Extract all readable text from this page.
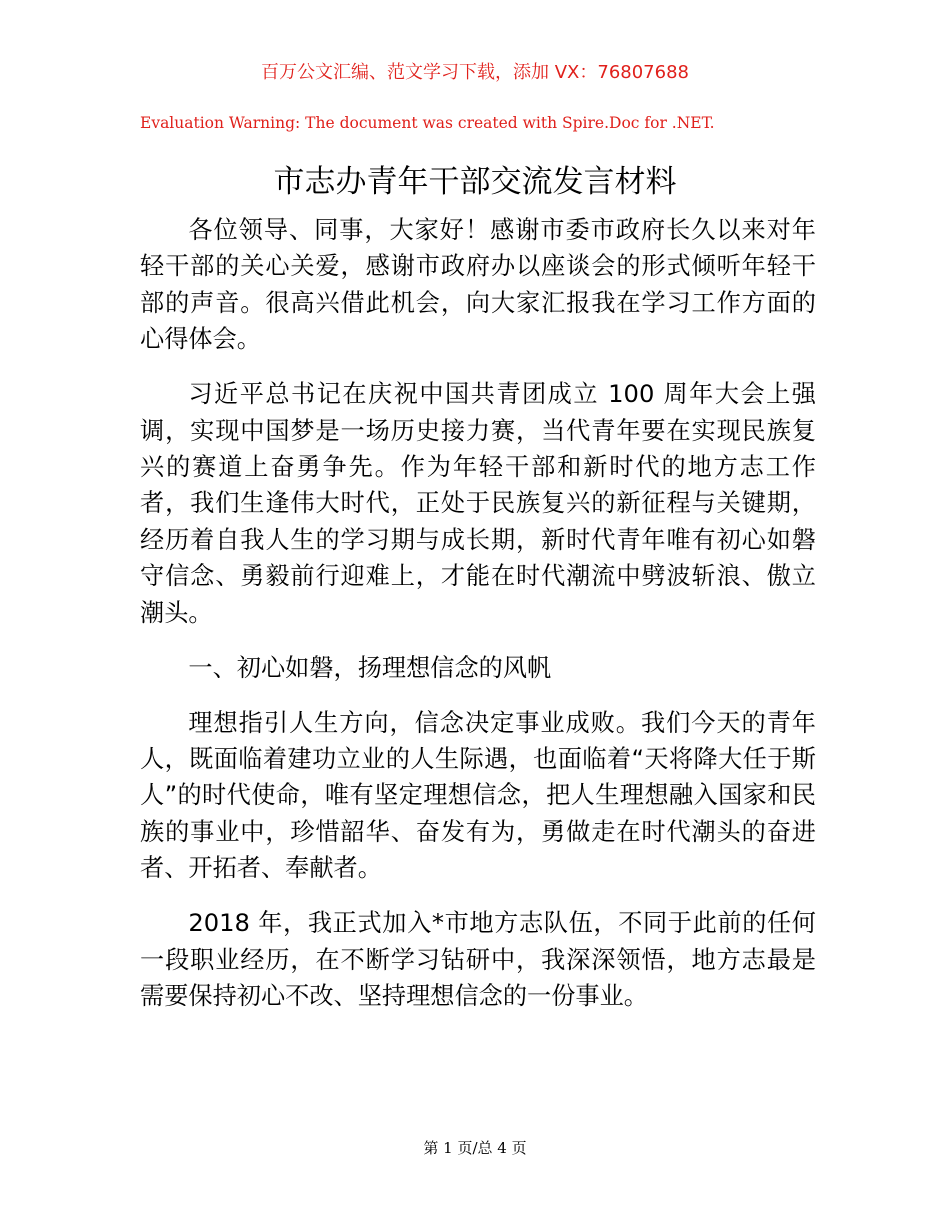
百万公文汇编、范文学习下载，添加 VX：76807688
Evaluation Warning: The document was created with Spire.Doc for .NET.
市志办青年干部交流发言材料

各位领导、同事，大家好！感谢市委市政府长久以来对年轻干部的关心关爱，感谢市政府办以座谈会的形式倾听年轻干部的声音。很高兴借此机会，向大家汇报我在学习工作方面的心得体会。

习近平总书记在庆祝中国共青团成立 100 周年大会上强调，实现中国梦是一场历史接力赛，当代青年要在实现民族复兴的赛道上奋勇争先。作为年轻干部和新时代的地方志工作者，我们生逢伟大时代，正处于民族复兴的新征程与关键期，经历着自我人生的学习期与成长期，新时代青年唯有初心如磐守信念、勇毅前行迎难上，才能在时代潮流中劈波斩浪、傲立潮头。

一、初心如磐，扬理想信念的风帆

理想指引人生方向，信念决定事业成败。我们今天的青年人，既面临着建功立业的人生际遇，也面临着“天将降大任于斯人”的时代使命，唯有坚定理想信念，把人生理想融入国家和民族的事业中，珍惜韶华、奋发有为，勇做走在时代潮头的奋进者、开拓者、奉献者。

2018 年，我正式加入*市地方志队伍，不同于此前的任何一段职业经历，在不断学习钻研中，我深深领悟，地方志最是需要保持初心不改、坚持理想信念的一份事业。

第 1 页/总 4 页
